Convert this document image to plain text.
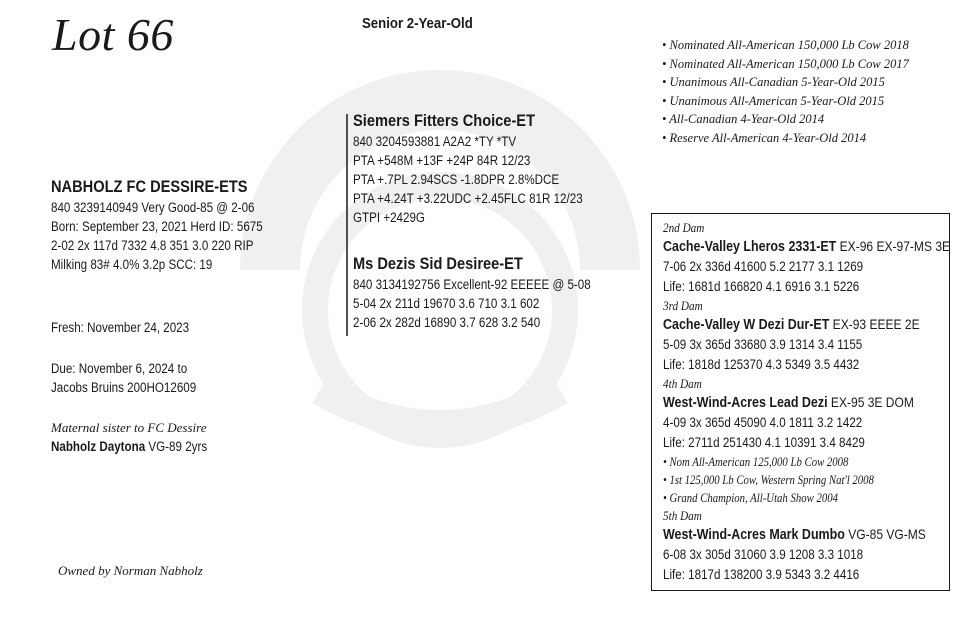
Lot 66	Senior 2-Year-Old
• Nominated All-American 150,000 Lb Cow 2018
• Nominated All-American 150,000 Lb Cow 2017
• Unanimous All-Canadian 5-Year-Old 2015
• Unanimous All-American 5-Year-Old 2015
• All-Canadian 4-Year-Old 2014
• Reserve All-American 4-Year-Old 2014
NABHOLZ FC DESSIRE-ETS
840 3239140949 Very Good-85 @ 2-06
Born: September 23, 2021 Herd ID: 5675
2-02 2x 117d 7332 4.8 351 3.0 220 RIP
Milking 83# 4.0% 3.2p SCC: 19
Fresh: November 24, 2023
Due: November 6, 2024 to
Jacobs Bruins 200HO12609
Maternal sister to FC Dessire
Nabholz Daytona VG-89 2yrs
Siemers Fitters Choice-ET
840 3204593881 A2A2 *TY *TV
PTA +548M +13F +24P 84R 12/23
PTA +.7PL 2.94SCS -1.8DPR 2.8%DCE
PTA +4.24T +3.22UDC +2.45FLC 81R 12/23
GTPI +2429G
Ms Dezis Sid Desiree-ET
840 3134192756 Excellent-92 EEEEE @ 5-08
5-04 2x 211d 19670 3.6 710 3.1 602
2-06 2x 282d 16890 3.7 628 3.2 540
2nd Dam
Cache-Valley Lheros 2331-ET EX-96 EX-97-MS 3E
7-06 2x 336d 41600 5.2 2177 3.1 1269
Life: 1681d 166820 4.1 6916 3.1 5226
3rd Dam
Cache-Valley W Dezi Dur-ET EX-93 EEEE 2E
5-09 3x 365d 33680 3.9 1314 3.4 1155
Life: 1818d 125370 4.3 5349 3.5 4432
4th Dam
West-Wind-Acres Lead Dezi EX-95 3E DOM
4-09 3x 365d 45090 4.0 1811 3.2 1422
Life: 2711d 251430 4.1 10391 3.4 8429
• Nom All-American 125,000 Lb Cow 2008
• 1st 125,000 Lb Cow, Western Spring Nat'l 2008
• Grand Champion, All-Utah Show 2004
5th Dam
West-Wind-Acres Mark Dumbo VG-85 VG-MS
6-08 3x 305d 31060 3.9 1208 3.3 1018
Life: 1817d 138200 3.9 5343 3.2 4416
Owned by Norman Nabholz
